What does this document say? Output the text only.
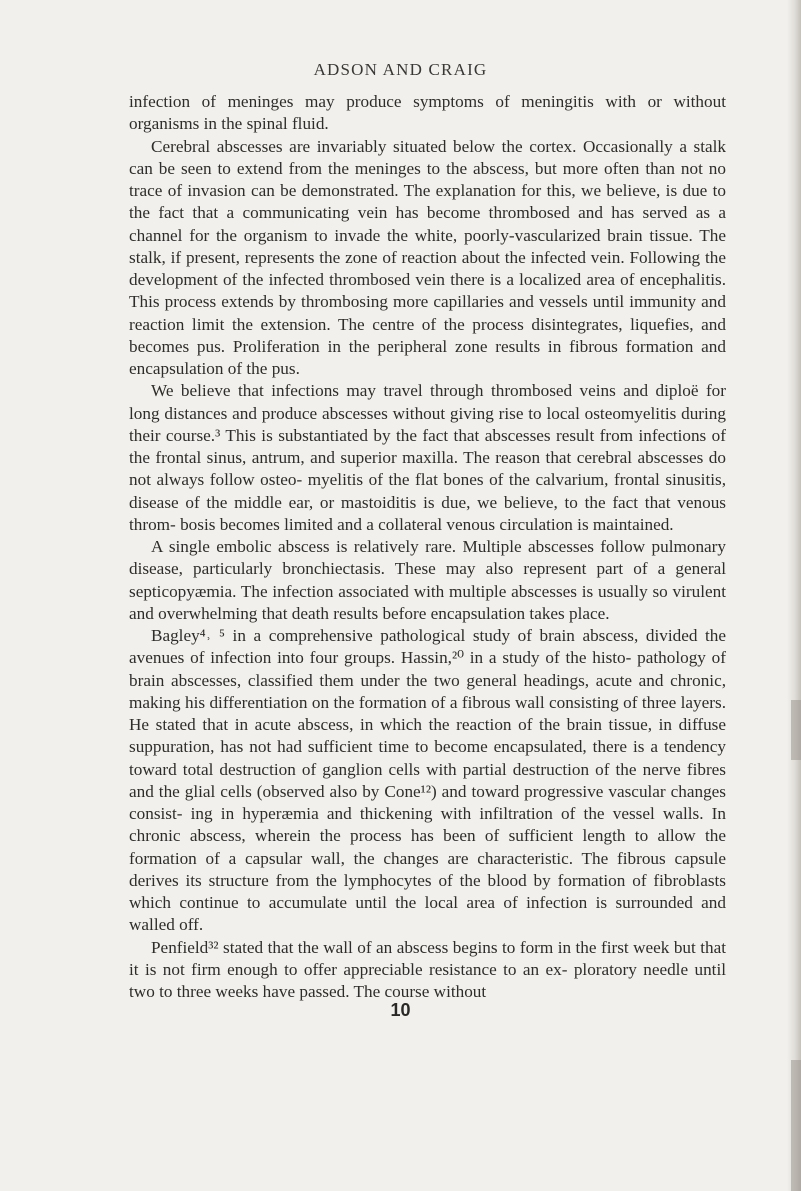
ADSON AND CRAIG

infection of meninges may produce symptoms of meningitis with or without organisms in the spinal fluid.

Cerebral abscesses are invariably situated below the cortex. Occasionally a stalk can be seen to extend from the meninges to the abscess, but more often than not no trace of invasion can be demonstrated. The explanation for this, we believe, is due to the fact that a communicating vein has become thrombosed and has served as a channel for the organism to invade the white, poorly-vascularized brain tissue. The stalk, if present, represents the zone of reaction about the infected vein. Following the development of the infected thrombosed vein there is a localized area of encephalitis. This process extends by thrombosing more capillaries and vessels until immunity and reaction limit the extension. The centre of the process disintegrates, liquefies, and becomes pus. Proliferation in the peripheral zone results in fibrous formation and encapsulation of the pus.

We believe that infections may travel through thrombosed veins and diploë for long distances and produce abscesses without giving rise to local osteomyelitis during their course.³ This is substantiated by the fact that abscesses result from infections of the frontal sinus, antrum, and superior maxilla. The reason that cerebral abscesses do not always follow osteo- myelitis of the flat bones of the calvarium, frontal sinusitis, disease of the middle ear, or mastoiditis is due, we believe, to the fact that venous throm- bosis becomes limited and a collateral venous circulation is maintained.

A single embolic abscess is relatively rare. Multiple abscesses follow pulmonary disease, particularly bronchiectasis. These may also represent part of a general septicopyæmia. The infection associated with multiple abscesses is usually so virulent and overwhelming that death results before encapsulation takes place.

Bagley⁴˒ ⁵ in a comprehensive pathological study of brain abscess, divided the avenues of infection into four groups. Hassin,²⁰ in a study of the histo- pathology of brain abscesses, classified them under the two general headings, acute and chronic, making his differentiation on the formation of a fibrous wall consisting of three layers. He stated that in acute abscess, in which the reaction of the brain tissue, in diffuse suppuration, has not had sufficient time to become encapsulated, there is a tendency toward total destruction of ganglion cells with partial destruction of the nerve fibres and the glial cells (observed also by Cone¹²) and toward progressive vascular changes consist- ing in hyperæmia and thickening with infiltration of the vessel walls. In chronic abscess, wherein the process has been of sufficient length to allow the formation of a capsular wall, the changes are characteristic. The fibrous capsule derives its structure from the lymphocytes of the blood by formation of fibroblasts which continue to accumulate until the local area of infection is surrounded and walled off.

Penfield³² stated that the wall of an abscess begins to form in the first week but that it is not firm enough to offer appreciable resistance to an ex- ploratory needle until two to three weeks have passed. The course without

10
